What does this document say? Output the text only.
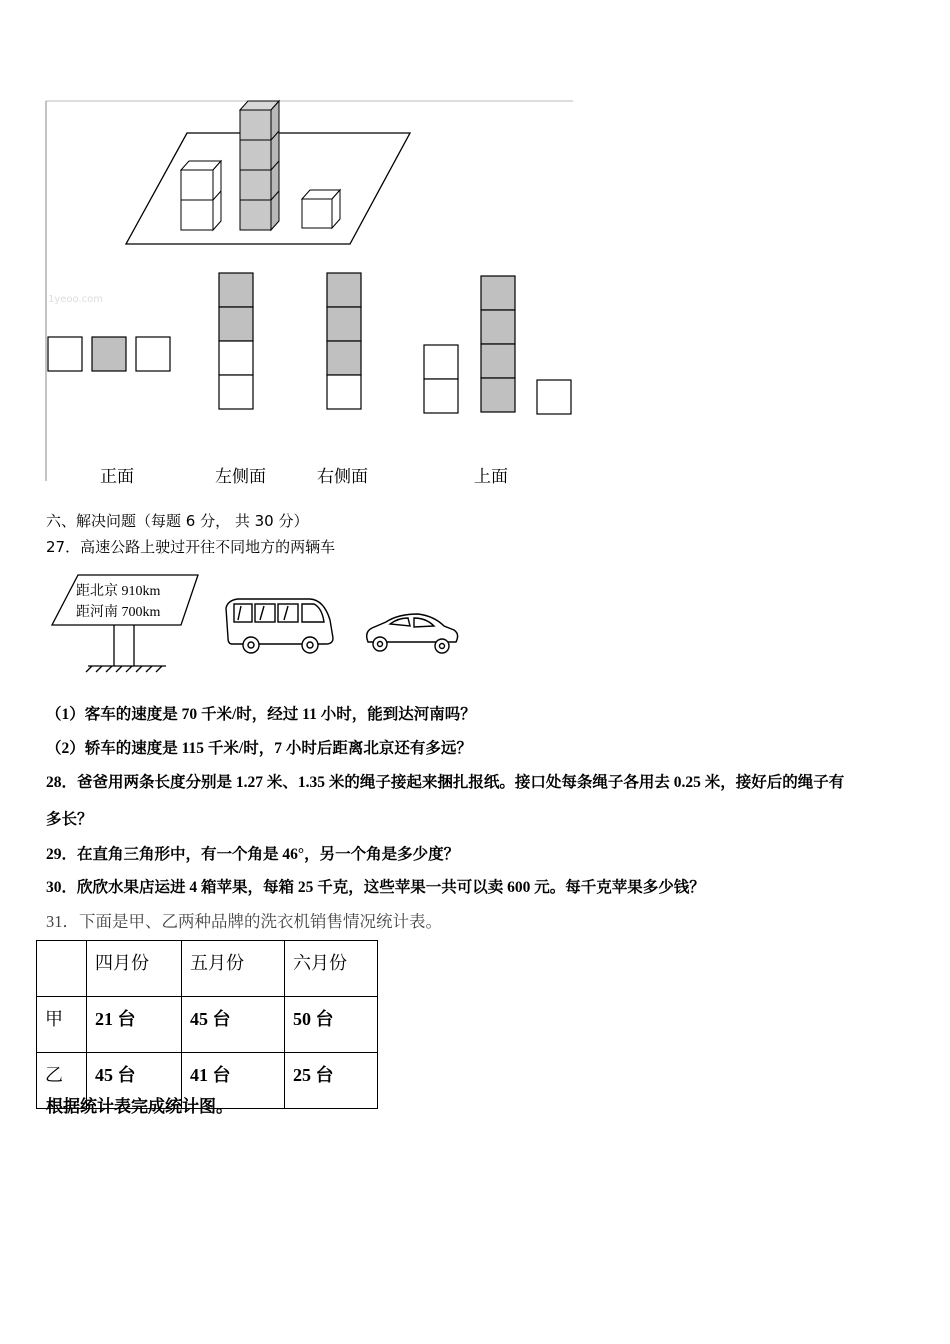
1yeoo.com
正面	左侧面	右侧面	上面
六、解决问题（每题 6 分， 共 30 分）
27．高速公路上驶过开往不同地方的两辆车
距北京 910km
距河南 700km
（1）客车的速度是 70 千米/时，经过 11 小时，能到达河南吗？
（2）轿车的速度是 115 千米/时，7 小时后距离北京还有多远？
28．爸爸用两条长度分别是 1.27 米、1.35 米的绳子接起来捆扎报纸。接口处每条绳子各用去 0.25 米，接好后的绳子有
多长？
29．在直角三角形中，有一个角是 46°，另一个角是多少度？
30．欣欣水果店运进 4 箱苹果，每箱 25 千克，这些苹果一共可以卖 600 元。每千克苹果多少钱？
31．下面是甲、乙两种品牌的洗衣机销售情况统计表。
	四月份	五月份	六月份
甲	21 台	45 台	50 台
乙	45 台	41 台	25 台
根据统计表完成统计图。
